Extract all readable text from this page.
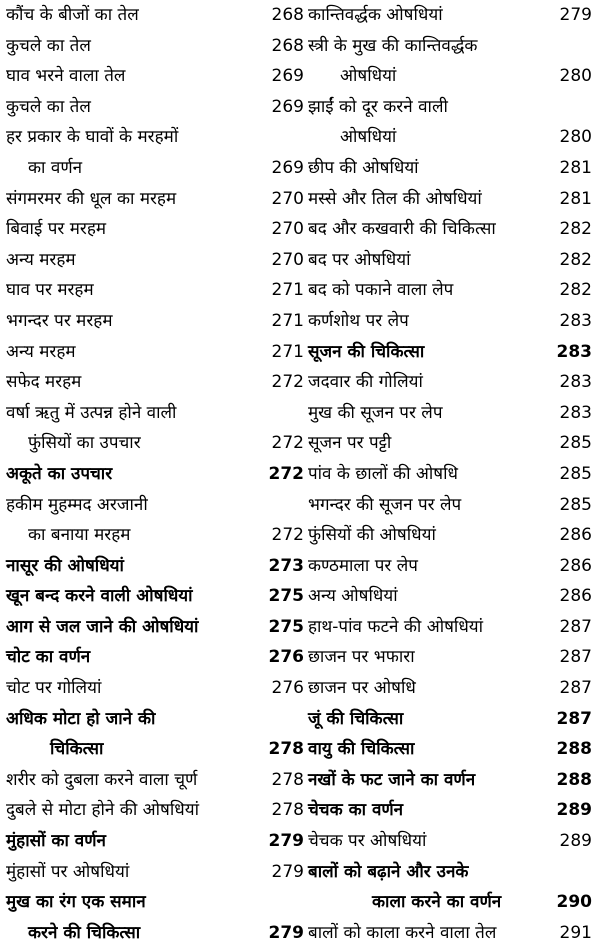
कौंच के बीजों का तेल	268
कुचले का तेल	268
घाव भरने वाला तेल	269
कुचले का तेल	269
हर प्रकार के घावों के मरहमों
का वर्णन	269
संगमरमर की धूल का मरहम	270
बिवाई पर मरहम	270
अन्य मरहम	270
घाव पर मरहम	271
भगन्दर पर मरहम	271
अन्य मरहम	271
सफेद मरहम	272
वर्षा ऋतु में उत्पन्न होने वाली
फुंसियों का उपचार	272
अकूते का उपचार	272
हकीम मुहम्मद अरजानी
का बनाया मरहम	272
नासूर की ओषधियां	273
खून बन्द करने वाली ओषधियां	275
आग से जल जाने की ओषधियां	275
चोट का वर्णन	276
चोट पर गोलियां	276
अधिक मोटा हो जाने की
चिकित्सा	278
शरीर को दुबला करने वाला चूर्ण	278
दुबले से मोटा होने की ओषधियां	278
मुंहासों का वर्णन	279
मुंहासों पर ओषधियां	279
मुख का रंग एक समान
करने की चिकित्सा	279
कान्तिवर्द्धक ओषधियां	279
स्त्री के मुख की कान्तिवर्द्धक
ओषधियां	280
झाईं को दूर करने वाली
ओषधियां	280
छीप की ओषधियां	281
मस्से और तिल की ओषधियां	281
बद और कखवारी की चिकित्सा	282
बद पर ओषधियां	282
बद को पकाने वाला लेप	282
कर्णशोथ पर लेप	283
सूजन की चिकित्सा	283
जदवार की गोलियां	283
मुख की सूजन पर लेप	283
सूजन पर पट्टी	285
पांव के छालों की ओषधि	285
भगन्दर की सूजन पर लेप	285
फुंसियों की ओषधियां	286
कण्ठमाला पर लेप	286
अन्य ओषधियां	286
हाथ-पांव फटने की ओषधियां	287
छाजन पर भफारा	287
छाजन पर ओषधि	287
जूं की चिकित्सा	287
वायु की चिकित्सा	288
नखों के फट जाने का वर्णन	288
चेचक का वर्णन	289
चेचक पर ओषधियां	289
बालों को बढ़ाने और उनके
काला करने का वर्णन	290
बालों को काला करने वाला तेल	291
